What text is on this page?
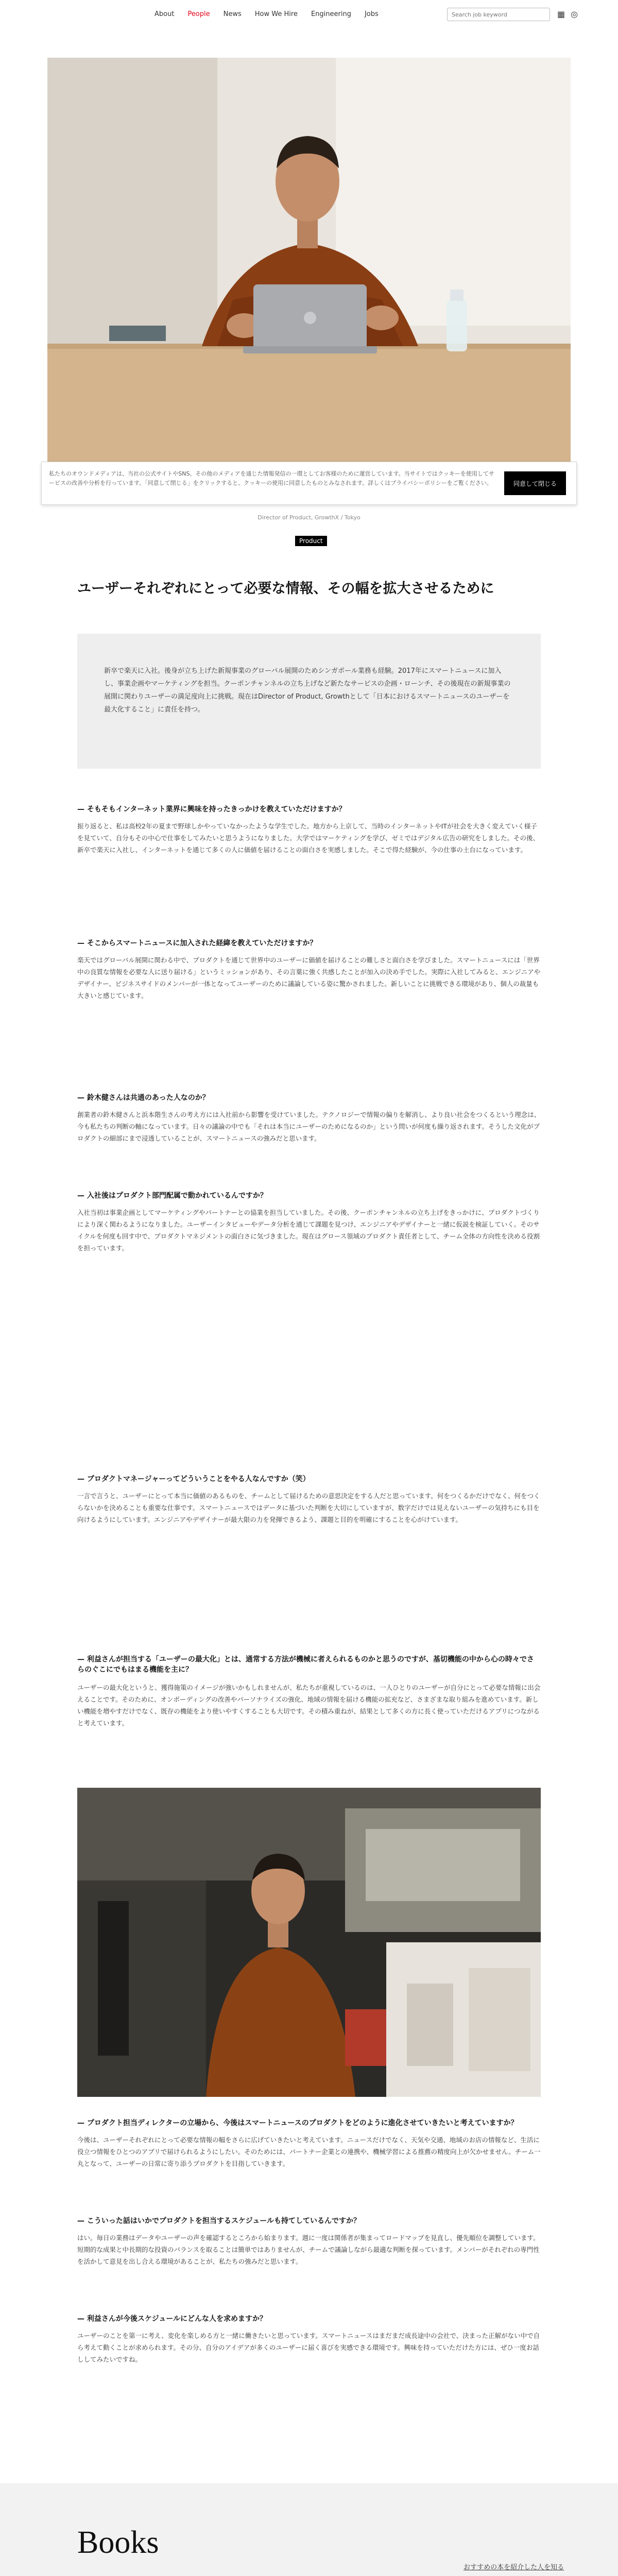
About People News How We Hire Engineering Jobs
Search job keyword	▦ ◎

私たちのオウンドメディアは、当社の公式サイトやSNS、その他のメディアを通じた情報発信の一環としてお客様のために運営しています。当サイトではクッキーを使用してサービスの改善や分析を行っています。「同意して閉じる」をクリックすると、クッキーの使用に同意したものとみなされます。詳しくはプライバシーポリシーをご覧ください。	同意して閉じる
Director of Product, GrowthX / Tokyo
Product
ユーザーそれぞれにとって必要な情報、その幅を拡大させるために

新卒で楽天に入社。後身が立ち上げた新規事業のグローバル展開のためシンガポール業務も経験。2017年にスマートニュースに加入し、事業企画やマーケティングを担当。クーポンチャンネルの立ち上げなど新たなサービスの企画・ローンチ、その後現在の新規事業の展開に関わりユーザーの満足度向上に挑戦。現在はDirector of Product, Growthとして「日本におけるスマートニュースのユーザーを最大化すること」に責任を持つ。

— そもそもインターネット業界に興味を持ったきっかけを教えていただけますか？

振り返ると、私は高校2年の夏まで野球しかやっていなかったような学生でした。地方から上京して、当時のインターネットやITが社会を大きく変えていく様子を見ていて、自分もその中心で仕事をしてみたいと思うようになりました。大学ではマーケティングを学び、ゼミではデジタル広告の研究をしました。その後、新卒で楽天に入社し、インターネットを通じて多くの人に価値を届けることの面白さを実感しました。そこで得た経験が、今の仕事の土台になっています。

— そこからスマートニュースに加入された経緯を教えていただけますか？

楽天ではグローバル展開に関わる中で、プロダクトを通じて世界中のユーザーに価値を届けることの難しさと面白さを学びました。スマートニュースには「世界中の良質な情報を必要な人に送り届ける」というミッションがあり、その言葉に強く共感したことが加入の決め手でした。実際に入社してみると、エンジニアやデザイナー、ビジネスサイドのメンバーが一体となってユーザーのために議論している姿に驚かされました。新しいことに挑戦できる環境があり、個人の裁量も大きいと感じています。

— 鈴木健さんは共通のあった人なのか？

創業者の鈴木健さんと浜本階生さんの考え方には入社前から影響を受けていました。テクノロジーで情報の偏りを解消し、より良い社会をつくるという理念は、今も私たちの判断の軸になっています。日々の議論の中でも「それは本当にユーザーのためになるのか」という問いが何度も繰り返されます。そうした文化がプロダクトの細部にまで浸透していることが、スマートニュースの強みだと思います。

— 入社後はプロダクト部門配属で動かれているんですか？

入社当初は事業企画としてマーケティングやパートナーとの協業を担当していました。その後、クーポンチャンネルの立ち上げをきっかけに、プロダクトづくりにより深く関わるようになりました。ユーザーインタビューやデータ分析を通じて課題を見つけ、エンジニアやデザイナーと一緒に仮説を検証していく。そのサイクルを何度も回す中で、プロダクトマネジメントの面白さに気づきました。現在はグロース領域のプロダクト責任者として、チーム全体の方向性を決める役割を担っています。

— プロダクトマネージャーってどういうことをやる人なんですか（笑）

一言で言うと、ユーザーにとって本当に価値のあるものを、チームとして届けるための意思決定をする人だと思っています。何をつくるかだけでなく、何をつくらないかを決めることも重要な仕事です。スマートニュースではデータに基づいた判断を大切にしていますが、数字だけでは見えないユーザーの気持ちにも目を向けるようにしています。エンジニアやデザイナーが最大限の力を発揮できるよう、課題と目的を明確にすることを心がけています。

— 利益さんが担当する「ユーザーの最大化」とは、通常する方法が機械に者えられるものかと思うのですが、基切機能の中から心の時々でさらのぐこにでもはまる機能を主に？

ユーザーの最大化というと、獲得施策のイメージが強いかもしれませんが、私たちが重視しているのは、一人ひとりのユーザーが自分にとって必要な情報に出会えることです。そのために、オンボーディングの改善やパーソナライズの強化、地域の情報を届ける機能の拡充など、さまざまな取り組みを進めています。新しい機能を増やすだけでなく、既存の機能をより使いやすくすることも大切です。その積み重ねが、結果として多くの方に長く使っていただけるアプリにつながると考えています。

— プロダクト担当ディレクターの立場から、今後はスマートニュースのプロダクトをどのように進化させていきたいと考えていますか？

今後は、ユーザーそれぞれにとって必要な情報の幅をさらに広げていきたいと考えています。ニュースだけでなく、天気や交通、地域のお店の情報など、生活に役立つ情報をひとつのアプリで届けられるようにしたい。そのためには、パートナー企業との連携や、機械学習による推薦の精度向上が欠かせません。チーム一丸となって、ユーザーの日常に寄り添うプロダクトを目指していきます。

— こういった話はいかでプロダクトを担当するスケジュールも持てしているんですか？

はい。毎日の業務はデータやユーザーの声を確認するところから始まります。週に一度は関係者が集まってロードマップを見直し、優先順位を調整しています。短期的な成果と中長期的な投資のバランスを取ることは簡単ではありませんが、チームで議論しながら最適な判断を探っています。メンバーがそれぞれの専門性を活かして意見を出し合える環境があることが、私たちの強みだと思います。

— 利益さんが今後スケジュールにどんな人を求めますか？

ユーザーのことを第一に考え、変化を楽しめる方と一緒に働きたいと思っています。スマートニュースはまだまだ成長途中の会社で、決まった正解がない中で自ら考えて動くことが求められます。その分、自分のアイデアが多くのユーザーに届く喜びを実感できる環境です。興味を持っていただけた方には、ぜひ一度お話ししてみたいですね。

Books
おすすめの本を紹介した人を知る
